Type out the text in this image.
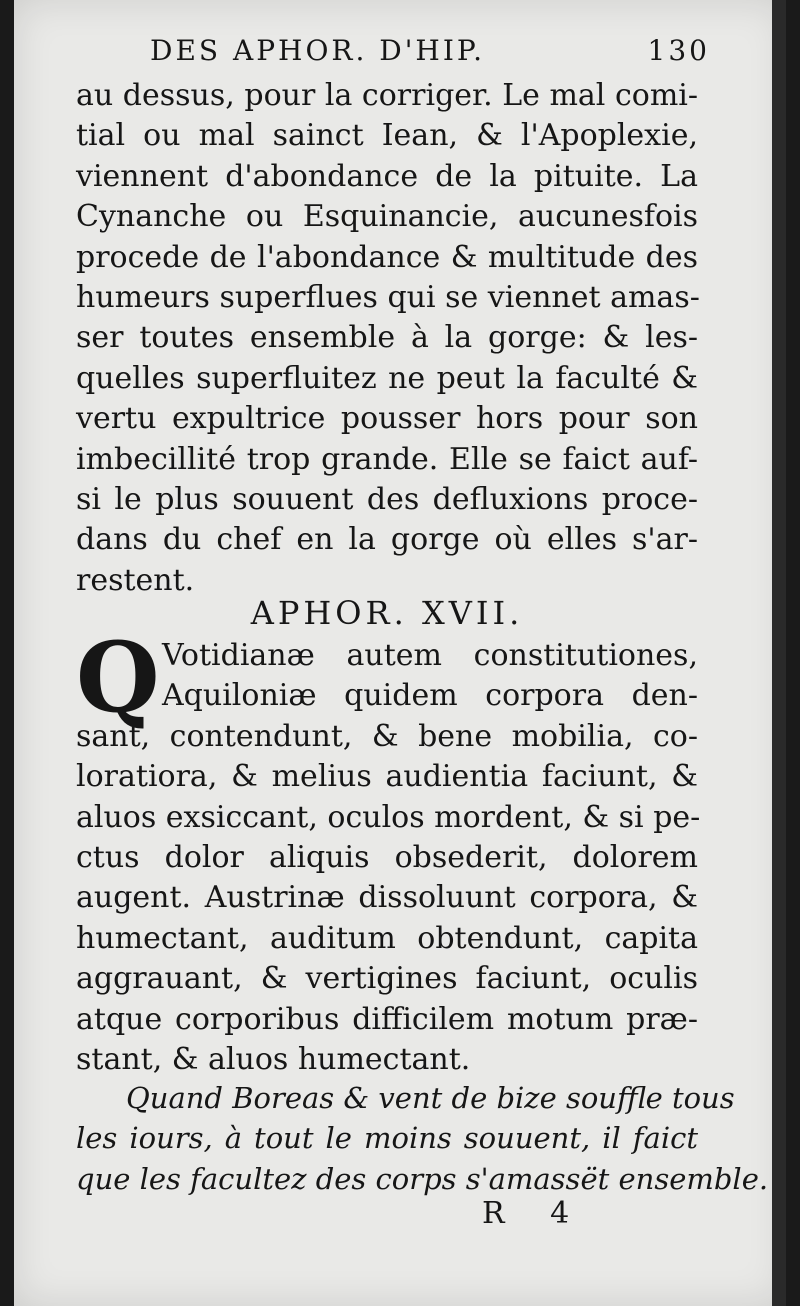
DES APHOR. D'HIP.	130
au dessus, pour la corriger. Le mal comi-
tial ou mal sainct Iean, & l'Apoplexie,
viennent d'abondance de la pituite. La
Cynanche ou Esquinancie, aucunesfois
procede de l'abondance & multitude des
humeurs superflues qui se viennet amas-
ser toutes ensemble à la gorge: & les-
quelles superfluitez ne peut la faculté &
vertu expultrice pousser hors pour son
imbecillité trop grande. Elle se faict auf-
si le plus souuent des defluxions proce-
dans du chef en la gorge où elles s'ar-
restent.
APHOR. XVII.
Q Votidianæ autem constitutiones,
Aquiloniæ quidem corpora den-
sant, contendunt, & bene mobilia, co-
loratiora, & melius audientia faciunt, &
aluos exsiccant, oculos mordent, & si pe-
ctus dolor aliquis obsederit, dolorem
augent. Austrinæ dissoluunt corpora, &
humectant, auditum obtendunt, capita
aggrauant, & vertigines faciunt, oculis
atque corporibus difficilem motum præ-
stant, & aluos humectant.
Quand Boreas & vent de bize souffle tous
les iours, à tout le moins souuent, il faict
que les facultez des corps s'amassët ensemble.
R 4
